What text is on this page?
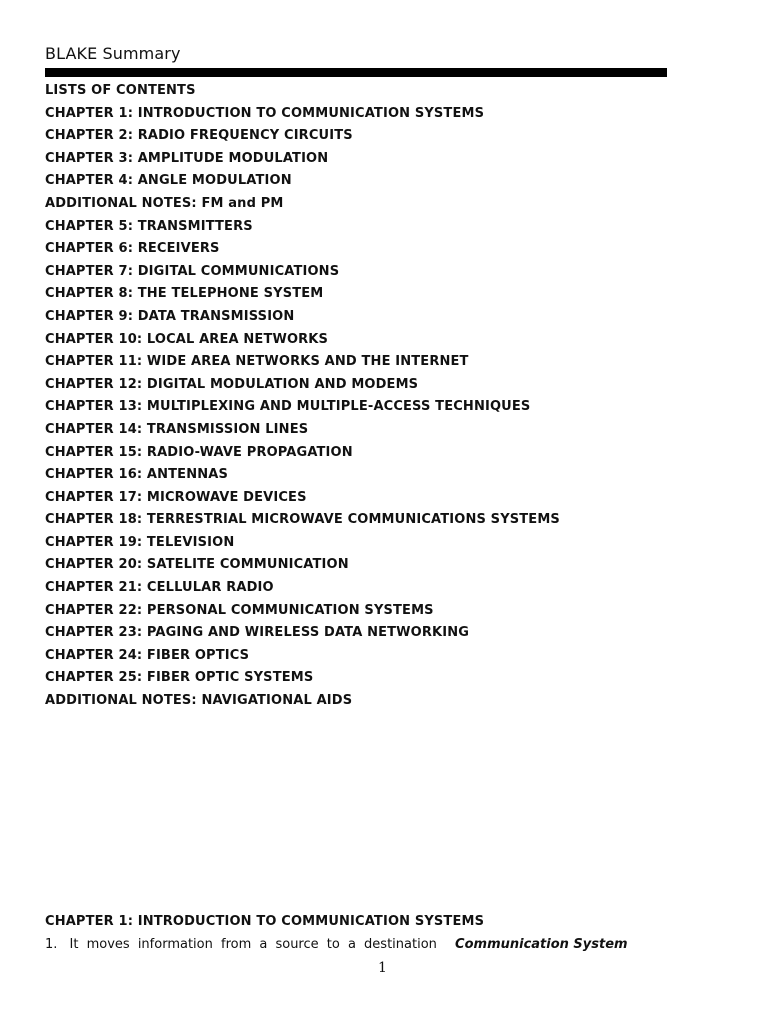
BLAKE Summary
LISTS OF CONTENTS
CHAPTER 1: INTRODUCTION TO COMMUNICATION SYSTEMS
CHAPTER 2: RADIO FREQUENCY CIRCUITS
CHAPTER 3: AMPLITUDE MODULATION
CHAPTER 4: ANGLE MODULATION
ADDITIONAL NOTES: FM and PM
CHAPTER 5: TRANSMITTERS
CHAPTER 6: RECEIVERS
CHAPTER 7: DIGITAL COMMUNICATIONS
CHAPTER 8: THE TELEPHONE SYSTEM
CHAPTER 9: DATA TRANSMISSION
CHAPTER 10: LOCAL AREA NETWORKS
CHAPTER 11: WIDE AREA NETWORKS AND THE INTERNET
CHAPTER 12: DIGITAL MODULATION AND MODEMS
CHAPTER 13: MULTIPLEXING AND MULTIPLE-ACCESS TECHNIQUES
CHAPTER 14: TRANSMISSION LINES
CHAPTER 15: RADIO-WAVE PROPAGATION
CHAPTER 16: ANTENNAS
CHAPTER 17: MICROWAVE DEVICES
CHAPTER 18: TERRESTRIAL MICROWAVE COMMUNICATIONS SYSTEMS
CHAPTER 19: TELEVISION
CHAPTER 20: SATELITE COMMUNICATION
CHAPTER 21: CELLULAR RADIO
CHAPTER 22: PERSONAL COMMUNICATION SYSTEMS
CHAPTER 23: PAGING AND WIRELESS DATA NETWORKING
CHAPTER 24: FIBER OPTICS
CHAPTER 25: FIBER OPTIC SYSTEMS
ADDITIONAL NOTES: NAVIGATIONAL AIDS
CHAPTER 1: INTRODUCTION TO COMMUNICATION SYSTEMS
1. It moves information from a source to a destination Communication System
1
